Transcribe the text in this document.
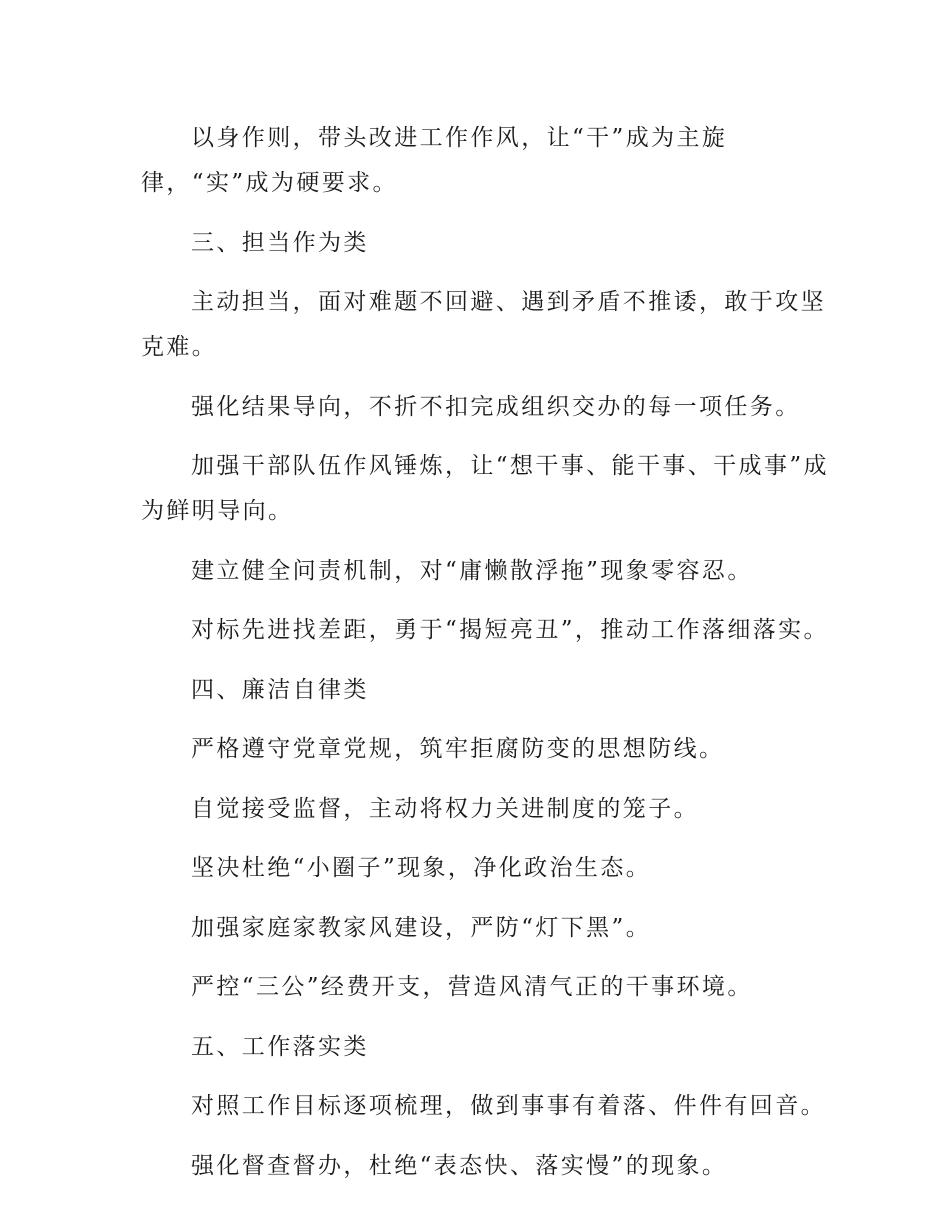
以身作则，带头改进工作作风，让“干”成为主旋律，“实”成为硬要求。

三、担当作为类

主动担当，面对难题不回避、遇到矛盾不推诿，敢于攻坚克难。

强化结果导向，不折不扣完成组织交办的每一项任务。

加强干部队伍作风锤炼，让“想干事、能干事、干成事”成为鲜明导向。

建立健全问责机制，对“庸懒散浮拖”现象零容忍。

对标先进找差距，勇于“揭短亮丑”，推动工作落细落实。

四、廉洁自律类

严格遵守党章党规，筑牢拒腐防变的思想防线。

自觉接受监督，主动将权力关进制度的笼子。

坚决杜绝“小圈子”现象，净化政治生态。

加强家庭家教家风建设，严防“灯下黑”。

严控“三公”经费开支，营造风清气正的干事环境。

五、工作落实类

对照工作目标逐项梳理，做到事事有着落、件件有回音。

强化督查督办，杜绝“表态快、落实慢”的现象。
